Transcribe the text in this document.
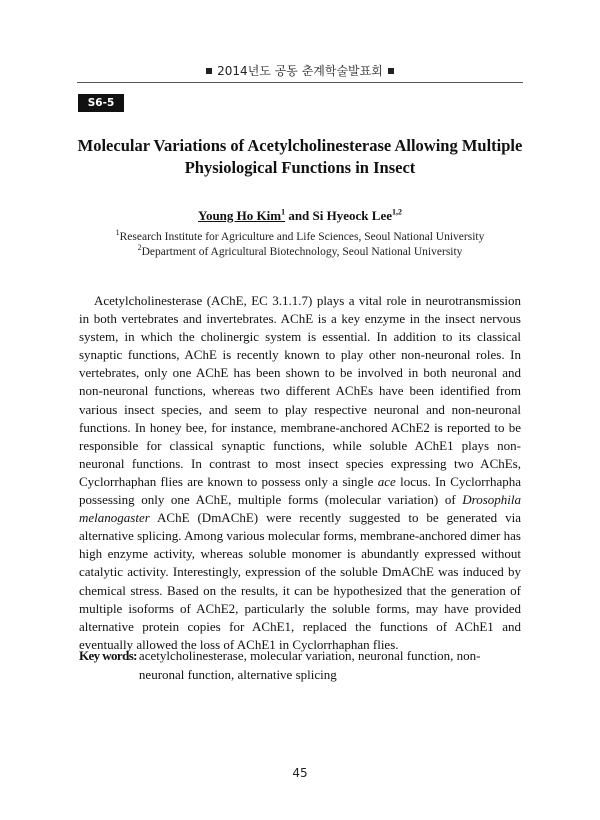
2014년도 공동 춘계학술발표회
S6-5
Molecular Variations of Acetylcholinesterase Allowing Multiple Physiological Functions in Insect
Young Ho Kim$^1$ and Si Hyeock Lee$^{1,2}$
$^1$Research Institute for Agriculture and Life Sciences, Seoul National University
$^2$Department of Agricultural Biotechnology, Seoul National University

Acetylcholinesterase (AChE, EC 3.1.1.7) plays a vital role in neurotransmission in both vertebrates and invertebrates. AChE is a key enzyme in the insect nervous system, in which the cholinergic system is essential. In addition to its classical synaptic functions, AChE is recently known to play other non-neuronal roles. In vertebrates, only one AChE has been shown to be involved in both neuronal and non-neuronal functions, whereas two different AChEs have been identified from various insect species, and seem to play respective neuronal and non-neuronal functions. In honey bee, for instance, membrane-anchored AChE2 is reported to be responsible for classical synaptic functions, while soluble AChE1 plays non-neuronal functions. In contrast to most insect species expressing two AChEs, Cyclorrhaphan flies are known to possess only a single ace locus. In Cyclorrhapha possessing only one AChE, multiple forms (molecular variation) of Drosophila melanogaster AChE (DmAChE) were recently suggested to be generated via alternative splicing. Among various molecular forms, membrane-anchored dimer has high enzyme activity, whereas soluble monomer is abundantly expressed without catalytic activity. Interestingly, expression of the soluble DmAChE was induced by chemical stress. Based on the results, it can be hypothesized that the generation of multiple isoforms of AChE2, particularly the soluble forms, may have provided alternative protein copies for AChE1, replaced the functions of AChE1 and eventually allowed the loss of AChE1 in Cyclorrhaphan flies.

Key words: acetylcholinesterase, molecular variation, neuronal function, non-neuronal function, alternative splicing
45
